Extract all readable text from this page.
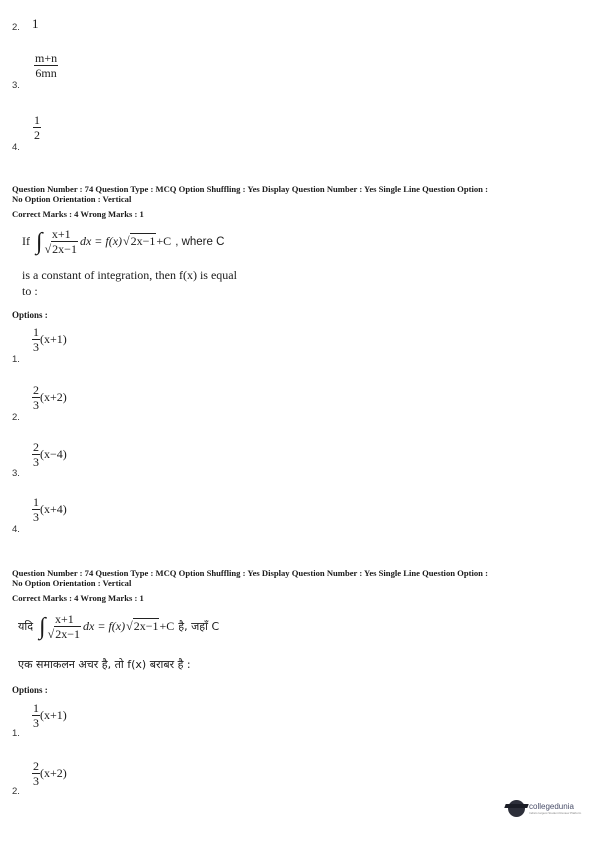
2. 1
$\frac{m+n}{6mn}$
3.
$\frac{1}{2}$
4.
Question Number : 74 Question Type : MCQ Option Shuffling : Yes Display Question Number : Yes Single Line Question Option :
No Option Orientation : Vertical
Correct Marks : 4 Wrong Marks : 1
If ∫ $\frac{x+1}{√2x-1}$ dx = f(x) √2x−1 +C , where C
is a constant of integration, then f(x) is equal
to :
Options :
$\frac{1}{3} (x+1)$
1.
$\frac{2}{3} (x+2)$
2.
$\frac{2}{3} (x-4)$
3.
$\frac{1}{3} (x+4)$
4.
Question Number : 74 Question Type : MCQ Option Shuffling : Yes Display Question Number : Yes Single Line Question Option :
No Option Orientation : Vertical
Correct Marks : 4 Wrong Marks : 1
यदि ∫ $\frac{x+1}{√2x-1}$ dx = f(x) √2x−1 +C है, जहाँ C
एक समाकलन अचर है, तो f(x) बराबर है :
Options :
$\frac{1}{3} (x+1)$
1.
$\frac{2}{3} (x+2)$
2.
collegedunia
India's largest Student Review Platform
